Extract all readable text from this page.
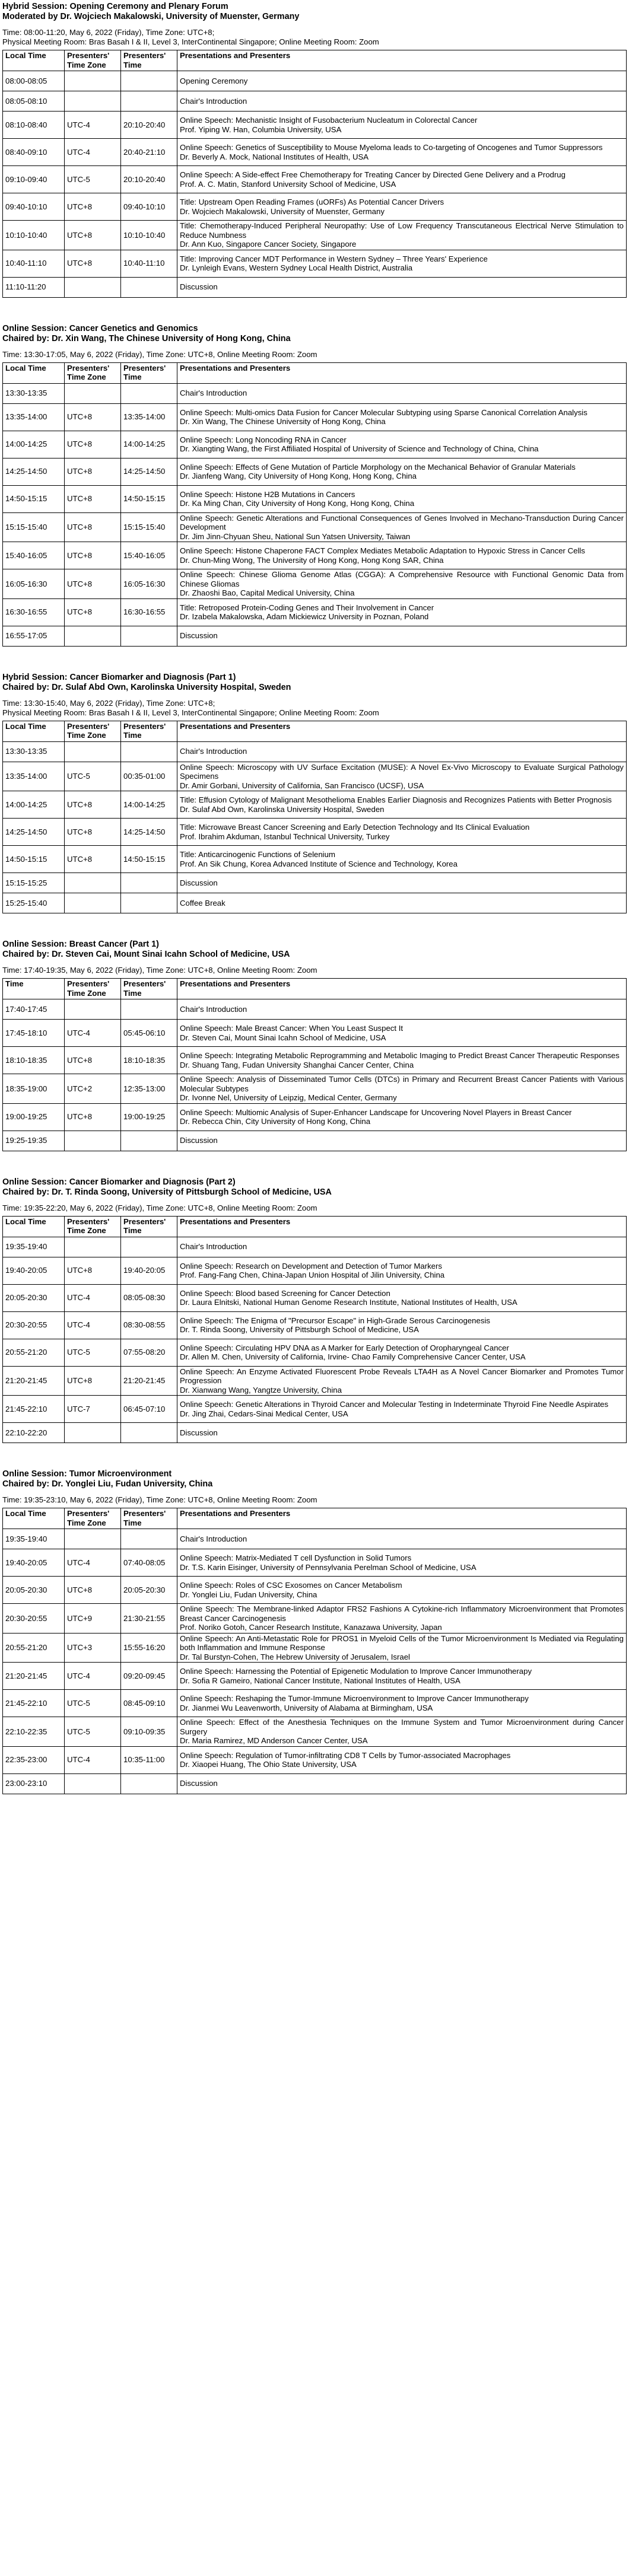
Hybrid Session: Opening Ceremony and Plenary Forum
Moderated by Dr. Wojciech Makalowski, University of Muenster, Germany
Time: 08:00-11:20, May 6, 2022 (Friday), Time Zone: UTC+8;
Physical Meeting Room: Bras Basah I & II, Level 3, InterContinental Singapore; Online Meeting Room: Zoom
Local Time	Presenters' Time Zone	Presenters' Time	Presentations and Presenters
08:00-08:05			Opening Ceremony

08:05-08:10			Chair's Introduction

08:10-08:40	UTC-4	20:10-20:40	Online Speech: Mechanistic Insight of Fusobacterium Nucleatum in Colorectal Cancer
Prof. Yiping W. Han, Columbia University, USA

08:40-09:10	UTC-4	20:40-21:10	Online Speech: Genetics of Susceptibility to Mouse Myeloma leads to Co-targeting of Oncogenes and Tumor Suppressors
Dr. Beverly A. Mock, National Institutes of Health, USA

09:10-09:40	UTC-5	20:10-20:40	Online Speech: A Side-effect Free Chemotherapy for Treating Cancer by Directed Gene Delivery and a Prodrug
Prof. A. C. Matin, Stanford University School of Medicine, USA

09:40-10:10	UTC+8	09:40-10:10	Title: Upstream Open Reading Frames (uORFs) As Potential Cancer Drivers
Dr. Wojciech Makalowski, University of Muenster, Germany

10:10-10:40	UTC+8	10:10-10:40	Title: Chemotherapy-Induced Peripheral Neuropathy: Use of Low Frequency Transcutaneous Electrical Nerve Stimulation to Reduce Numbness
Dr. Ann Kuo, Singapore Cancer Society, Singapore

10:40-11:10	UTC+8	10:40-11:10	Title: Improving Cancer MDT Performance in Western Sydney – Three Years' Experience
Dr. Lynleigh Evans, Western Sydney Local Health District, Australia

11:10-11:20			Discussion
Online Session: Cancer Genetics and Genomics
Chaired by: Dr. Xin Wang, The Chinese University of Hong Kong, China
Time: 13:30-17:05, May 6, 2022 (Friday), Time Zone: UTC+8, Online Meeting Room: Zoom
Local Time	Presenters' Time Zone	Presenters' Time	Presentations and Presenters
13:30-13:35			Chair's Introduction

13:35-14:00	UTC+8	13:35-14:00	Online Speech: Multi-omics Data Fusion for Cancer Molecular Subtyping using Sparse Canonical Correlation Analysis
Dr. Xin Wang, The Chinese University of Hong Kong, China

14:00-14:25	UTC+8	14:00-14:25	Online Speech: Long Noncoding RNA in Cancer
Dr. Xiangting Wang, the First Affiliated Hospital of University of Science and Technology of China, China

14:25-14:50	UTC+8	14:25-14:50	Online Speech: Effects of Gene Mutation of Particle Morphology on the Mechanical Behavior of Granular Materials
Dr. Jianfeng Wang, City University of Hong Kong, Hong Kong, China

14:50-15:15	UTC+8	14:50-15:15	Online Speech: Histone H2B Mutations in Cancers
Dr. Ka Ming Chan, City University of Hong Kong, Hong Kong, China

15:15-15:40	UTC+8	15:15-15:40	Online Speech: Genetic Alterations and Functional Consequences of Genes Involved in Mechano-Transduction During Cancer Development
Dr. Jim Jinn-Chyuan Sheu, National Sun Yatsen University, Taiwan

15:40-16:05	UTC+8	15:40-16:05	Online Speech: Histone Chaperone FACT Complex Mediates Metabolic Adaptation to Hypoxic Stress in Cancer Cells
Dr. Chun-Ming Wong, The University of Hong Kong, Hong Kong SAR, China

16:05-16:30	UTC+8	16:05-16:30	Online Speech: Chinese Glioma Genome Atlas (CGGA): A Comprehensive Resource with Functional Genomic Data from Chinese Gliomas
Dr. Zhaoshi Bao, Capital Medical University, China

16:30-16:55	UTC+8	16:30-16:55	Title: Retroposed Protein-Coding Genes and Their Involvement in Cancer
Dr. Izabela Makalowska, Adam Mickiewicz University in Poznan, Poland

16:55-17:05			Discussion
Hybrid Session: Cancer Biomarker and Diagnosis (Part 1)
Chaired by: Dr. Sulaf Abd Own, Karolinska University Hospital, Sweden
Time: 13:30-15:40, May 6, 2022 (Friday), Time Zone: UTC+8;
Physical Meeting Room: Bras Basah I & II, Level 3, InterContinental Singapore; Online Meeting Room: Zoom
Local Time	Presenters' Time Zone	Presenters' Time	Presentations and Presenters
13:30-13:35			Chair's Introduction

13:35-14:00	UTC-5	00:35-01:00	Online Speech: Microscopy with UV Surface Excitation (MUSE): A Novel Ex-Vivo Microscopy to Evaluate Surgical Pathology Specimens
Dr. Amir Gorbani, University of California, San Francisco (UCSF), USA

14:00-14:25	UTC+8	14:00-14:25	Title: Effusion Cytology of Malignant Mesothelioma Enables Earlier Diagnosis and Recognizes Patients with Better Prognosis
Dr. Sulaf Abd Own, Karolinska University Hospital, Sweden

14:25-14:50	UTC+8	14:25-14:50	Title: Microwave Breast Cancer Screening and Early Detection Technology and Its Clinical Evaluation
Prof. Ibrahim Akduman, Istanbul Technical University, Turkey

14:50-15:15	UTC+8	14:50-15:15	Title: Anticarcinogenic Functions of Selenium
Prof. An Sik Chung, Korea Advanced Institute of Science and Technology, Korea

15:15-15:25			Discussion

15:25-15:40			Coffee Break
Online Session: Breast Cancer (Part 1)
Chaired by: Dr. Steven Cai, Mount Sinai Icahn School of Medicine, USA
Time: 17:40-19:35, May 6, 2022 (Friday), Time Zone: UTC+8, Online Meeting Room: Zoom
Time	Presenters' Time Zone	Presenters' Time	Presentations and Presenters
17:40-17:45			Chair's Introduction

17:45-18:10	UTC-4	05:45-06:10	Online Speech: Male Breast Cancer: When You Least Suspect It
Dr. Steven Cai, Mount Sinai Icahn School of Medicine, USA

18:10-18:35	UTC+8	18:10-18:35	Online Speech: Integrating Metabolic Reprogramming and Metabolic Imaging to Predict Breast Cancer Therapeutic Responses
Dr. Shuang Tang, Fudan University Shanghai Cancer Center, China

18:35-19:00	UTC+2	12:35-13:00	Online Speech: Analysis of Disseminated Tumor Cells (DTCs) in Primary and Recurrent Breast Cancer Patients with Various Molecular Subtypes
Dr. Ivonne Nel, University of Leipzig, Medical Center, Germany

19:00-19:25	UTC+8	19:00-19:25	Online Speech: Multiomic Analysis of Super-Enhancer Landscape for Uncovering Novel Players in Breast Cancer
Dr. Rebecca Chin, City University of Hong Kong, China

19:25-19:35			Discussion
Online Session: Cancer Biomarker and Diagnosis (Part 2)
Chaired by: Dr. T. Rinda Soong, University of Pittsburgh School of Medicine, USA
Time: 19:35-22:20, May 6, 2022 (Friday), Time Zone: UTC+8, Online Meeting Room: Zoom
Local Time	Presenters' Time Zone	Presenters' Time	Presentations and Presenters
19:35-19:40			Chair's Introduction

19:40-20:05	UTC+8	19:40-20:05	Online Speech: Research on Development and Detection of Tumor Markers
Prof. Fang-Fang Chen, China-Japan Union Hospital of Jilin University, China

20:05-20:30	UTC-4	08:05-08:30	Online Speech: Blood based Screening for Cancer Detection
Dr. Laura Elnitski, National Human Genome Research Institute, National Institutes of Health, USA

20:30-20:55	UTC-4	08:30-08:55	Online Speech: The Enigma of "Precursor Escape" in High-Grade Serous Carcinogenesis
Dr. T. Rinda Soong, University of Pittsburgh School of Medicine, USA

20:55-21:20	UTC-5	07:55-08:20	Online Speech: Circulating HPV DNA as A Marker for Early Detection of Oropharyngeal Cancer
Dr. Allen M. Chen, University of California, Irvine- Chao Family Comprehensive Cancer Center, USA

21:20-21:45	UTC+8	21:20-21:45	Online Speech: An Enzyme Activated Fluorescent Probe Reveals LTA4H as A Novel Cancer Biomarker and Promotes Tumor Progression
Dr. Xianwang Wang, Yangtze University, China

21:45-22:10	UTC-7	06:45-07:10	Online Speech: Genetic Alterations in Thyroid Cancer and Molecular Testing in Indeterminate Thyroid Fine Needle Aspirates
Dr. Jing Zhai, Cedars-Sinai Medical Center, USA

22:10-22:20			Discussion
Online Session: Tumor Microenvironment
Chaired by: Dr. Yonglei Liu, Fudan University, China
Time: 19:35-23:10, May 6, 2022 (Friday), Time Zone: UTC+8, Online Meeting Room: Zoom
Local Time	Presenters' Time Zone	Presenters' Time	Presentations and Presenters
19:35-19:40			Chair's Introduction

19:40-20:05	UTC-4	07:40-08:05	Online Speech: Matrix-Mediated T cell Dysfunction in Solid Tumors
Dr. T.S. Karin Eisinger, University of Pennsylvania Perelman School of Medicine, USA

20:05-20:30	UTC+8	20:05-20:30	Online Speech: Roles of CSC Exosomes on Cancer Metabolism
Dr. Yonglei Liu, Fudan University, China

20:30-20:55	UTC+9	21:30-21:55	Online Speech: The Membrane-linked Adaptor FRS2 Fashions A Cytokine-rich Inflammatory Microenvironment that Promotes Breast Cancer Carcinogenesis
Prof. Noriko Gotoh, Cancer Research Institute, Kanazawa University, Japan

20:55-21:20	UTC+3	15:55-16:20	Online Speech: An Anti-Metastatic Role for PROS1 in Myeloid Cells of the Tumor Microenvironment Is Mediated via Regulating both Inflammation and Immune Response
Dr. Tal Burstyn-Cohen, The Hebrew University of Jerusalem, Israel

21:20-21:45	UTC-4	09:20-09:45	Online Speech: Harnessing the Potential of Epigenetic Modulation to Improve Cancer Immunotherapy
Dr. Sofia R Gameiro, National Cancer Institute, National Institutes of Health, USA

21:45-22:10	UTC-5	08:45-09:10	Online Speech: Reshaping the Tumor-Immune Microenvironment to Improve Cancer Immunotherapy
Dr. Jianmei Wu Leavenworth, University of Alabama at Birmingham, USA

22:10-22:35	UTC-5	09:10-09:35	Online Speech: Effect of the Anesthesia Techniques on the Immune System and Tumor Microenvironment during Cancer Surgery
Dr. Maria Ramirez, MD Anderson Cancer Center, USA

22:35-23:00	UTC-4	10:35-11:00	Online Speech: Regulation of Tumor-infiltrating CD8 T Cells by Tumor-associated Macrophages
Dr. Xiaopei Huang, The Ohio State University, USA

23:00-23:10			Discussion
